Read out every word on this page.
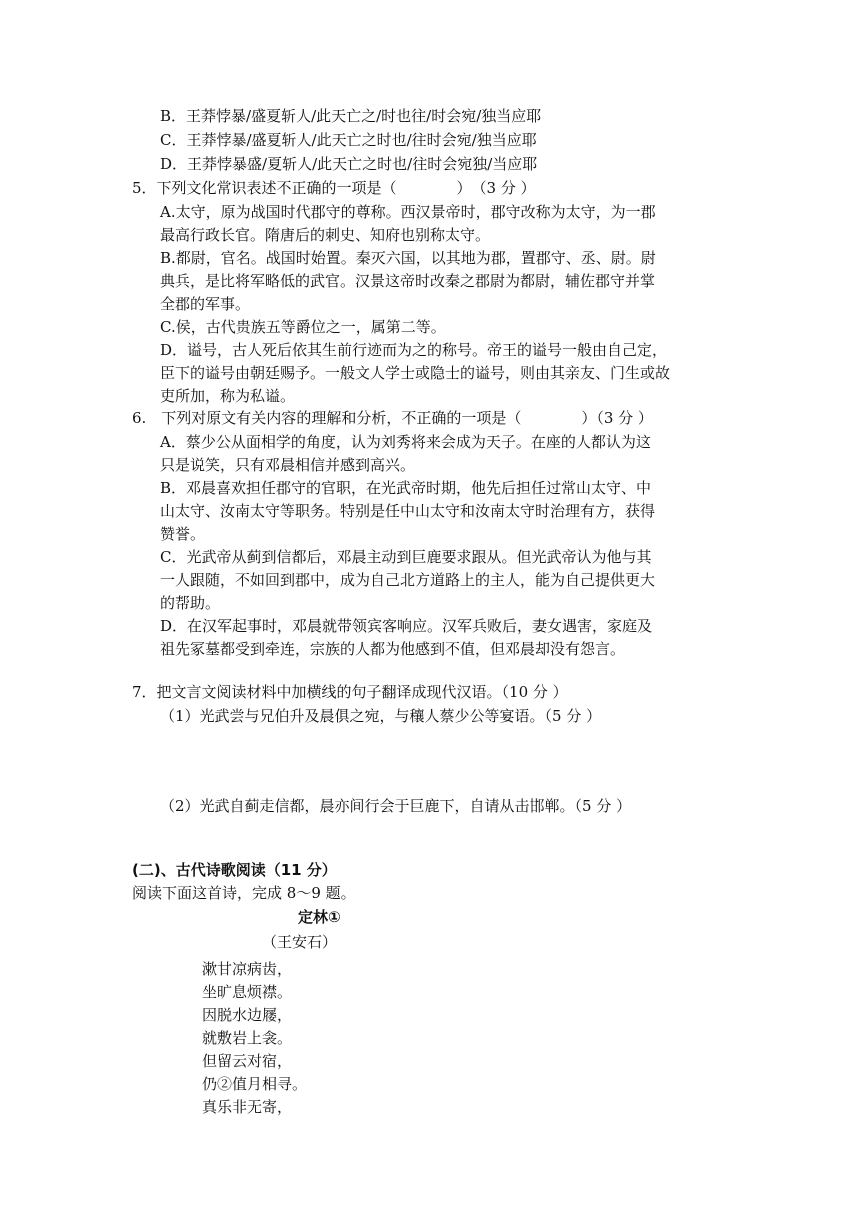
B．王莽悖暴/盛夏斩人/此天亡之/时也往/时会宛/独当应耶
C．王莽悖暴/盛夏斩人/此天亡之时也/往时会宛/独当应耶
D．王莽悖暴盛/夏斩人/此天亡之时也/往时会宛独/当应耶
5．下列文化常识表述不正确的一项是（　　　　）　（3 分 ）
A.太守，原为战国时代郡守的尊称。西汉景帝时，郡守改称为太守，为一郡
最高行政长官。隋唐后的刺史、知府也别称太守。
B.都尉，官名。战国时始置。秦灭六国，以其地为郡，置郡守、丞、尉。尉
典兵，是比将军略低的武官。汉景这帝时改秦之郡尉为都尉，辅佐郡守并掌
全郡的军事。
C.侯，古代贵族五等爵位之一，属第二等。
D．谥号，古人死后依其生前行迹而为之的称号。帝王的谥号一般由自己定，
臣下的谥号由朝廷赐予。一般文人学士或隐士的谥号，则由其亲友、门生或故
吏所加，称为私谥。
6.　下列对原文有关内容的理解和分析，不正确的一项是（　　　　）（3 分 ）
A．蔡少公从面相学的角度，认为刘秀将来会成为天子。在座的人都认为这
只是说笑，只有邓晨相信并感到高兴。
B．邓晨喜欢担任郡守的官职，在光武帝时期，他先后担任过常山太守、中
山太守、汝南太守等职务。特别是任中山太守和汝南太守时治理有方，获得
赞誉。
C．光武帝从蓟到信都后，邓晨主动到巨鹿要求跟从。但光武帝认为他与其
一人跟随，不如回到郡中，成为自己北方道路上的主人，能为自己提供更大
的帮助。
D．在汉军起事时，邓晨就带领宾客响应。汉军兵败后，妻女遇害，家庭及
祖先冢墓都受到牵连，宗族的人都为他感到不值，但邓晨却没有怨言。
7．把文言文阅读材料中加横线的句子翻译成现代汉语。（10 分 ）
（1）光武尝与兄伯升及晨俱之宛，与穰人蔡少公等宴语。（5 分 ）
（2）光武自蓟走信都，晨亦间行会于巨鹿下，自请从击邯郸。（5 分 ）
(二)、古代诗歌阅读（11 分）
阅读下面这首诗，完成 8～9 题。
定林①
（王安石）
漱甘凉病齿，
坐旷息烦襟。
因脱水边屦，
就敷岩上衾。
但留云对宿，
仍②值月相寻。
真乐非无寄，
